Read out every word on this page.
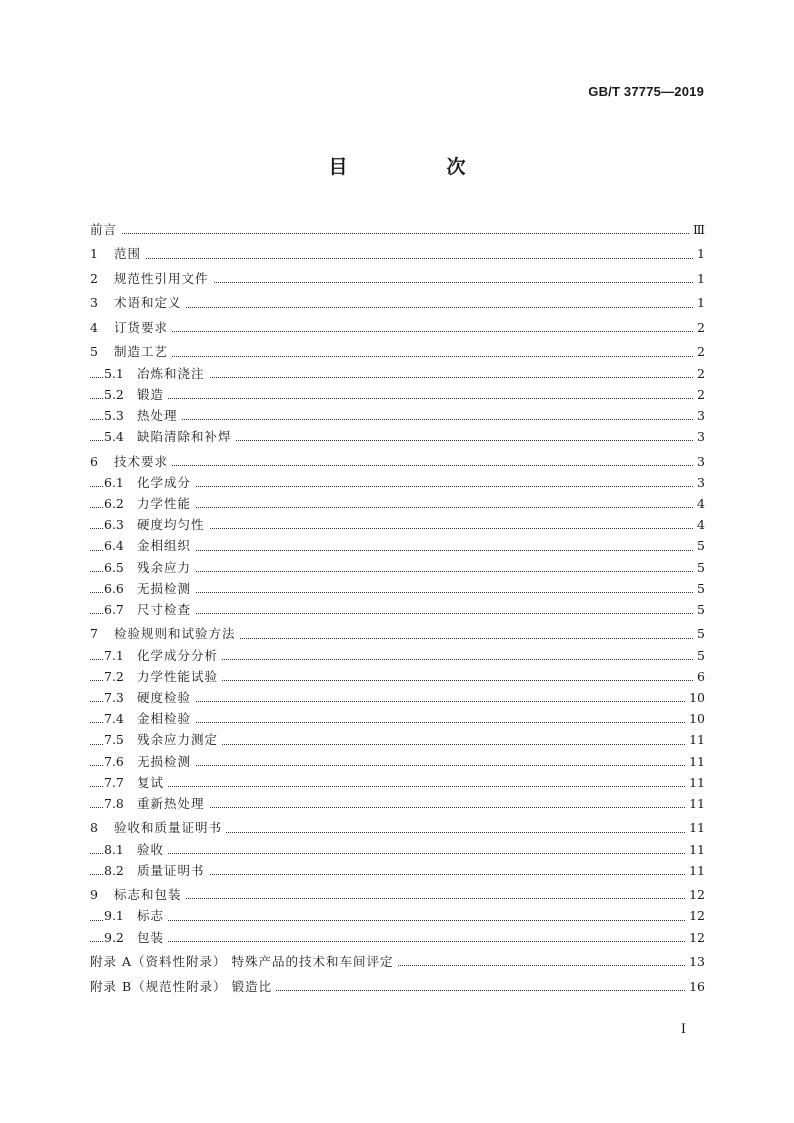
GB/T 37775—2019
目　次
前言	Ⅲ
1 范围	1
2 规范性引用文件	1
3 术语和定义	1
4 订货要求	2
5 制造工艺	2
5.1 冶炼和浇注	2
5.2 锻造	2
5.3 热处理	3
5.4 缺陷清除和补焊	3
6 技术要求	3
6.1 化学成分	3
6.2 力学性能	4
6.3 硬度均匀性	4
6.4 金相组织	5
6.5 残余应力	5
6.6 无损检测	5
6.7 尺寸检查	5
7 检验规则和试验方法	5
7.1 化学成分分析	5
7.2 力学性能试验	6
7.3 硬度检验	10
7.4 金相检验	10
7.5 残余应力测定	11
7.6 无损检测	11
7.7 复试	11
7.8 重新热处理	11
8 验收和质量证明书	11
8.1 验收	11
8.2 质量证明书	11
9 标志和包装	12
9.1 标志	12
9.2 包装	12
附录 A（资料性附录） 特殊产品的技术和车间评定	13
附录 B（规范性附录） 锻造比	16
Ⅰ
